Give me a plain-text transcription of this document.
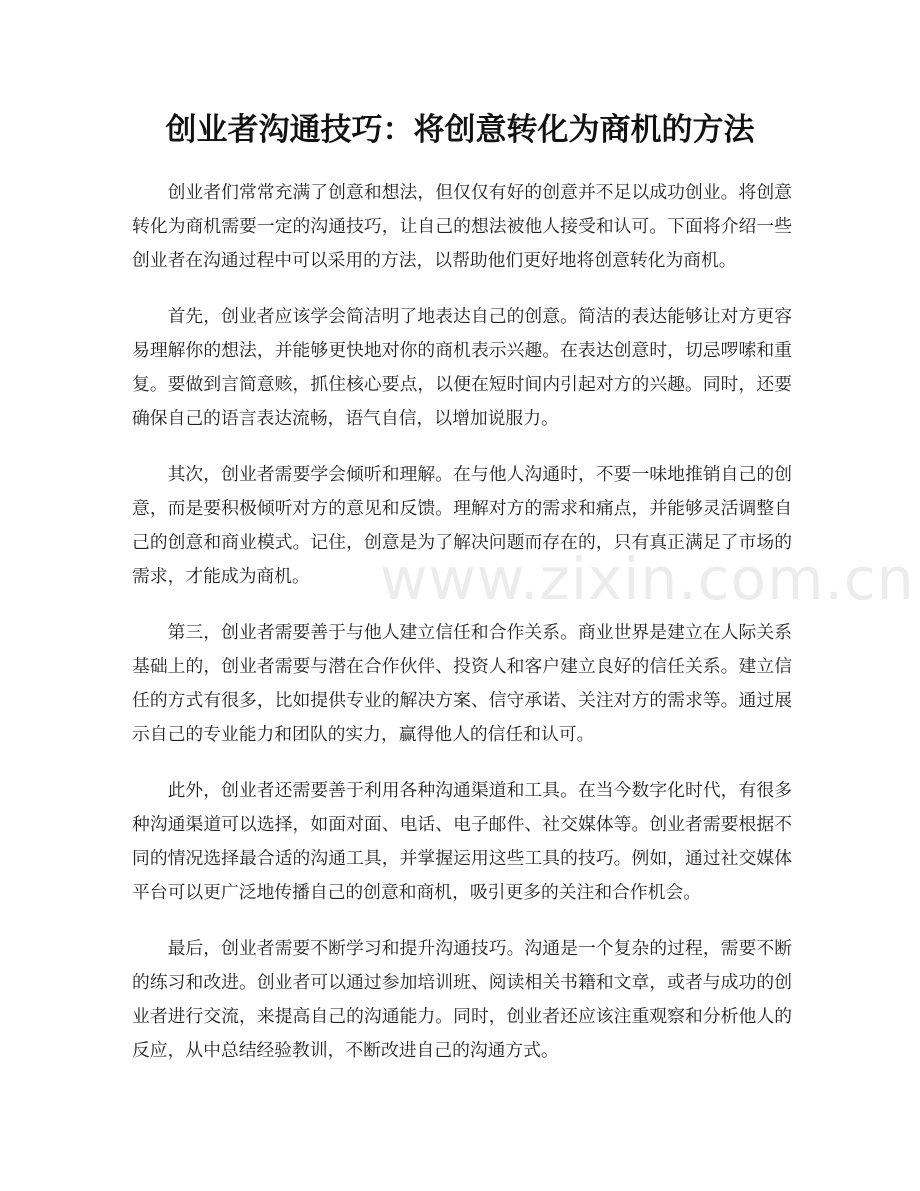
创业者沟通技巧：将创意转化为商机的方法

创业者们常常充满了创意和想法，但仅仅有好的创意并不足以成功创业。将创意转化为商机需要一定的沟通技巧，让自己的想法被他人接受和认可。下面将介绍一些创业者在沟通过程中可以采用的方法，以帮助他们更好地将创意转化为商机。

首先，创业者应该学会简洁明了地表达自己的创意。简洁的表达能够让对方更容易理解你的想法，并能够更快地对你的商机表示兴趣。在表达创意时，切忌啰嗦和重复。要做到言简意赅，抓住核心要点，以便在短时间内引起对方的兴趣。同时，还要确保自己的语言表达流畅，语气自信，以增加说服力。

其次，创业者需要学会倾听和理解。在与他人沟通时，不要一味地推销自己的创意，而是要积极倾听对方的意见和反馈。理解对方的需求和痛点，并能够灵活调整自己的创意和商业模式。记住，创意是为了解决问题而存在的，只有真正满足了市场的需求，才能成为商机。

第三，创业者需要善于与他人建立信任和合作关系。商业世界是建立在人际关系基础上的，创业者需要与潜在合作伙伴、投资人和客户建立良好的信任关系。建立信任的方式有很多，比如提供专业的解决方案、信守承诺、关注对方的需求等。通过展示自己的专业能力和团队的实力，赢得他人的信任和认可。

此外，创业者还需要善于利用各种沟通渠道和工具。在当今数字化时代，有很多种沟通渠道可以选择，如面对面、电话、电子邮件、社交媒体等。创业者需要根据不同的情况选择最合适的沟通工具，并掌握运用这些工具的技巧。例如，通过社交媒体平台可以更广泛地传播自己的创意和商机，吸引更多的关注和合作机会。

最后，创业者需要不断学习和提升沟通技巧。沟通是一个复杂的过程，需要不断的练习和改进。创业者可以通过参加培训班、阅读相关书籍和文章，或者与成功的创业者进行交流，来提高自己的沟通能力。同时，创业者还应该注重观察和分析他人的反应，从中总结经验教训，不断改进自己的沟通方式。

www.zixin.com.cn
